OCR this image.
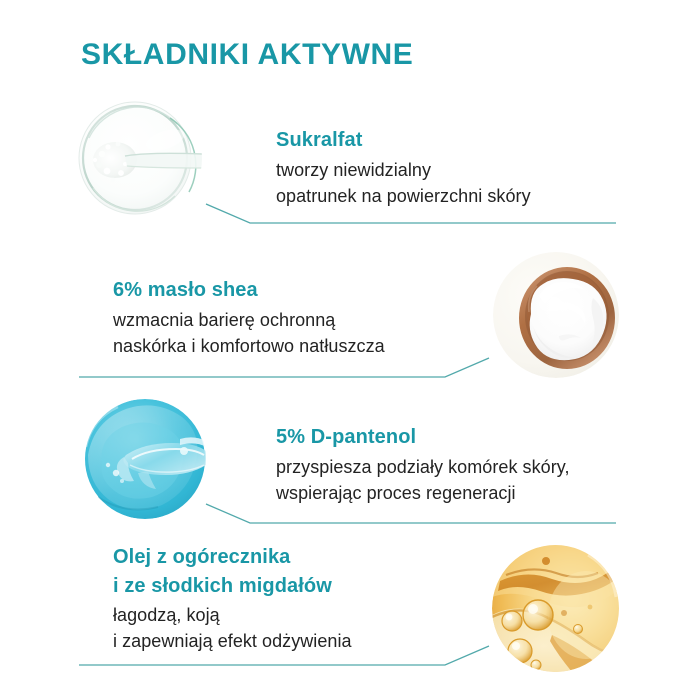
SKŁADNIKI AKTYWNE
Sukralfat
tworzy niewidzialny
opatrunek na powierzchni skóry
6% masło shea
wzmacnia barierę ochronną
naskórka i komfortowo natłuszcza
5% D-pantenol
przyspiesza podziały komórek skóry,
wspierając proces regeneracji
Olej z ogórecznika
i ze słodkich migdałów
łagodzą, koją
i zapewniają efekt odżywienia
